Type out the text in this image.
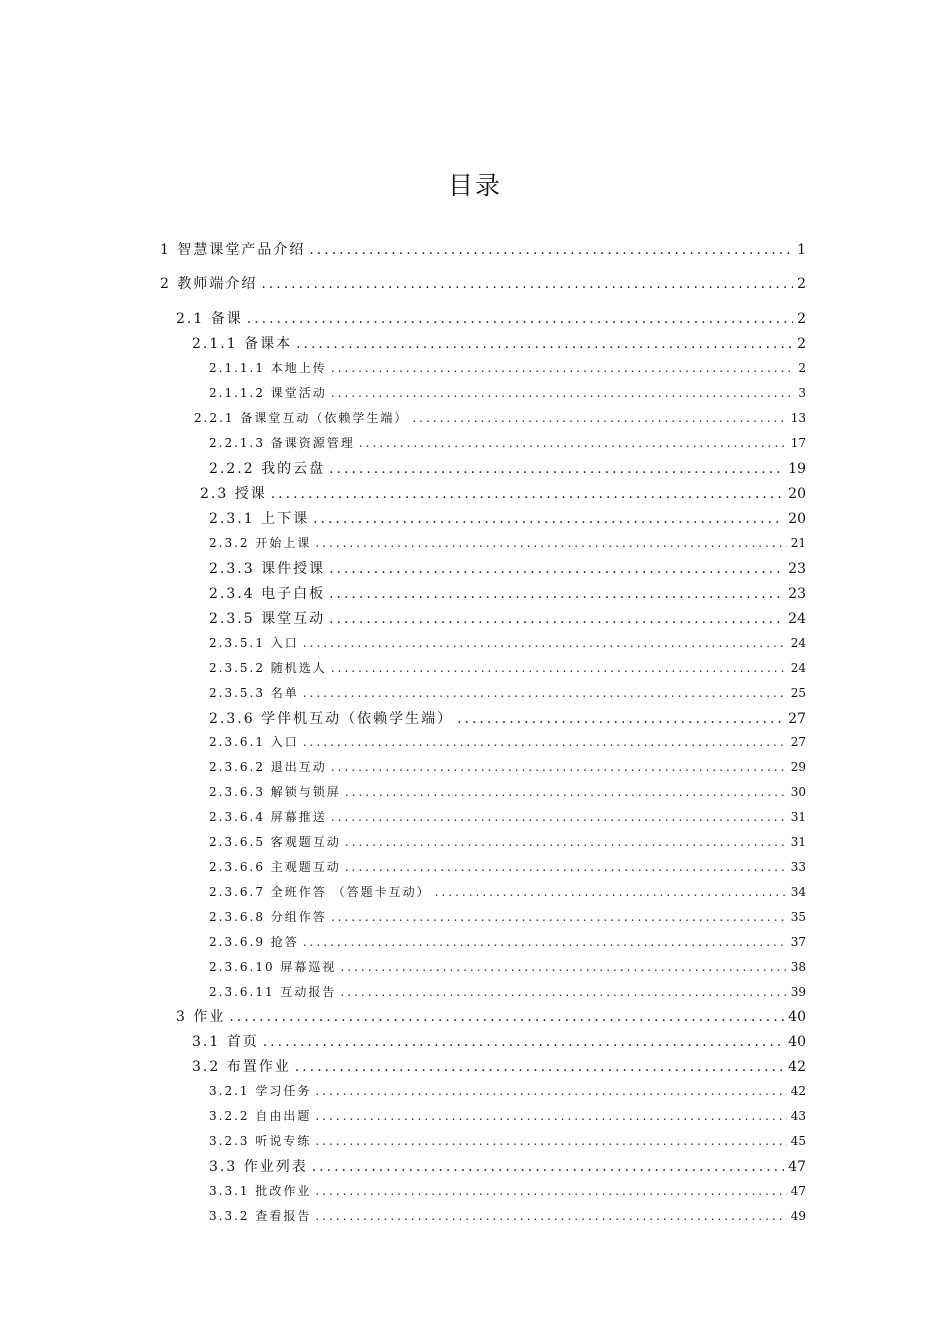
目录
1 智慧课堂产品介绍 .....	1
2 教师端介绍 .....	2
2.1 备课 .....	2
2.1.1 备课本 .....	2
2.1.1.1 本地上传 .....	2
2.1.1.2 课堂活动 .....	3
2.2.1 备课堂互动（依赖学生端） .....	13
2.2.1.3 备课资源管理 .....	17
2.2.2 我的云盘 .....	19
2.3 授课 .....	20
2.3.1 上下课 .....	20
2.3.2 开始上课 .....	21
2.3.3 课件授课 .....	23
2.3.4 电子白板 .....	23
2.3.5 课堂互动 .....	24
2.3.5.1 入口 .....	24
2.3.5.2 随机选人 .....	24
2.3.5.3 名单 .....	25
2.3.6 学伴机互动（依赖学生端） .....	27
2.3.6.1 入口 .....	27
2.3.6.2 退出互动 .....	29
2.3.6.3 解锁与锁屏 .....	30
2.3.6.4 屏幕推送 .....	31
2.3.6.5 客观题互动 .....	31
2.3.6.6 主观题互动 .....	33
2.3.6.7 全班作答 （答题卡互动） .....	34
2.3.6.8 分组作答 .....	35
2.3.6.9 抢答 .....	37
2.3.6.10 屏幕巡视 .....	38
2.3.6.11 互动报告 .....	39
3 作业 .....	40
3.1 首页 .....	40
3.2 布置作业 .....	42
3.2.1 学习任务 .....	42
3.2.2 自由出题 .....	43
3.2.3 听说专练 .....	45
3.3 作业列表 .....	47
3.3.1 批改作业 .....	47
3.3.2 查看报告 .....	49
